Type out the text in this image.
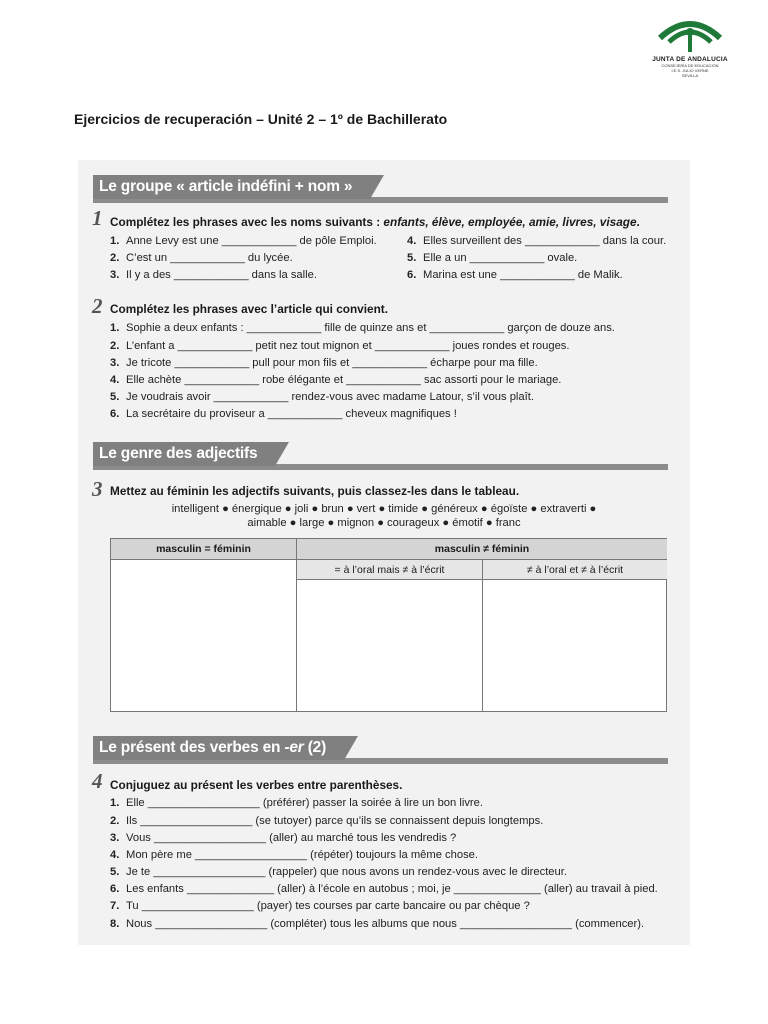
JUNTA DE ANDALUCIA
CONSEJERÍA DE EDUCACIÓN
I.E.S. JULIO VERNE
SEVILLA
Ejercicios de recuperación – Unité 2 – 1º de Bachillerato
Le groupe « article indéfini + nom »
1 Complétez les phrases avec les noms suivants : enfants, élève, employée, amie, livres, visage.
1. Anne Levy est une ____________ de pôle Emploi.
2. C’est un ____________ du lycée.
3. Il y a des ____________ dans la salle.
4. Elles surveillent des ____________ dans la cour.
5. Elle a un ____________ ovale.
6. Marina est une ____________ de Malik.
2 Complétez les phrases avec l’article qui convient.
1. Sophie a deux enfants : ____________ fille de quinze ans et ____________ garçon de douze ans.
2. L’enfant a ____________ petit nez tout mignon et ____________ joues rondes et rouges.
3. Je tricote ____________ pull pour mon fils et ____________ écharpe pour ma fille.
4. Elle achète ____________ robe élégante et ____________ sac assorti pour le mariage.
5. Je voudrais avoir ____________ rendez-vous avec madame Latour, s’il vous plaît.
6. La secrétaire du proviseur a ____________ cheveux magnifiques !
Le genre des adjectifs
3 Mettez au féminin les adjectifs suivants, puis classez-les dans le tableau.
intelligent ● énergique ● joli ● brun ● vert ● timide ● généreux ● égoïste ● extraverti ●
aimable ● large ● mignon ● courageux ● émotif ● franc
masculin = féminin	masculin ≠ féminin
= à l’oral mais ≠ à l’écrit	≠ à l’oral et ≠ à l’écrit
Le présent des verbes en -er (2)
4 Conjuguez au présent les verbes entre parenthèses.
1. Elle __________________ (préférer) passer la soirée à lire un bon livre.
2. Ils __________________ (se tutoyer) parce qu’ils se connaissent depuis longtemps.
3. Vous __________________ (aller) au marché tous les vendredis ?
4. Mon père me __________________ (répéter) toujours la même chose.
5. Je te __________________ (rappeler) que nous avons un rendez-vous avec le directeur.
6. Les enfants ______________ (aller) à l’école en autobus ; moi, je ______________ (aller) au travail à pied.
7. Tu __________________ (payer) tes courses par carte bancaire ou par chèque ?
8. Nous __________________ (compléter) tous les albums que nous __________________ (commencer).
